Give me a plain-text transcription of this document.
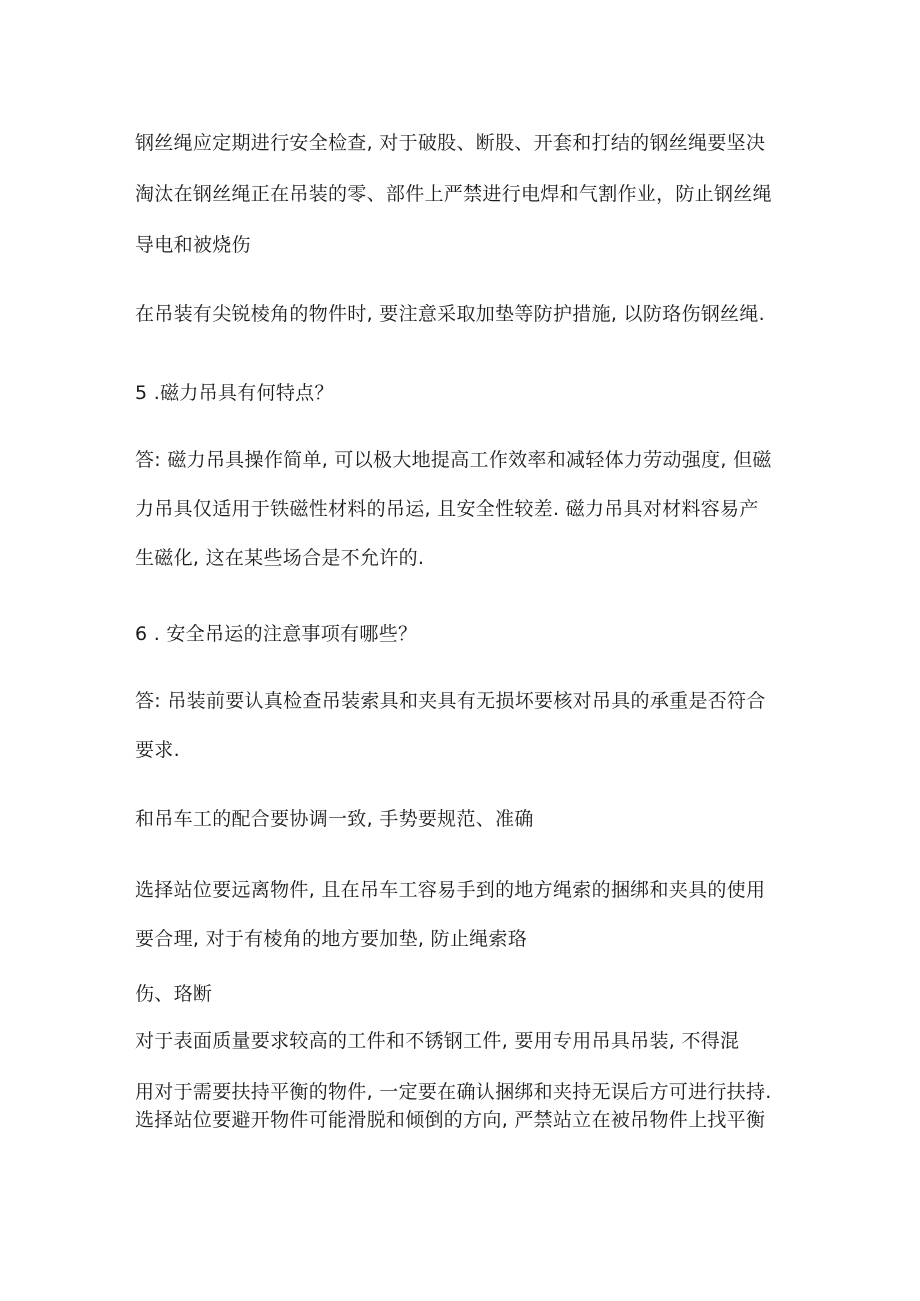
钢丝绳应定期进行安全检查, 对于破股、断股、开套和打结的钢丝绳要坚决

淘汰在钢丝绳正在吊装的零、部件上严禁进行电焊和气割作业，防止钢丝绳

导电和被烧伤

在吊装有尖锐棱角的物件时, 要注意采取加垫等防护措施, 以防珞伤钢丝绳.

5 .磁力吊具有何特点？

答: 磁力吊具操作简单, 可以极大地提高工作效率和减轻体力劳动强度, 但磁

力吊具仅适用于铁磁性材料的吊运, 且安全性较差. 磁力吊具对材料容易产

生磁化, 这在某些场合是不允许的.

6 . 安全吊运的注意事项有哪些？

答: 吊装前要认真检查吊装索具和夹具有无损坏要核对吊具的承重是否符合

要求.

和吊车工的配合要协调一致, 手势要规范、准确

选择站位要远离物件, 且在吊车工容易手到的地方绳索的捆绑和夹具的使用

要合理, 对于有棱角的地方要加垫, 防止绳索珞

伤、珞断

对于表面质量要求较高的工件和不锈钢工件, 要用专用吊具吊装, 不得混

用对于需要扶持平衡的物件, 一定要在确认捆绑和夹持无误后方可进行扶持.

选择站位要避开物件可能滑脱和倾倒的方向, 严禁站立在被吊物件上找平衡
